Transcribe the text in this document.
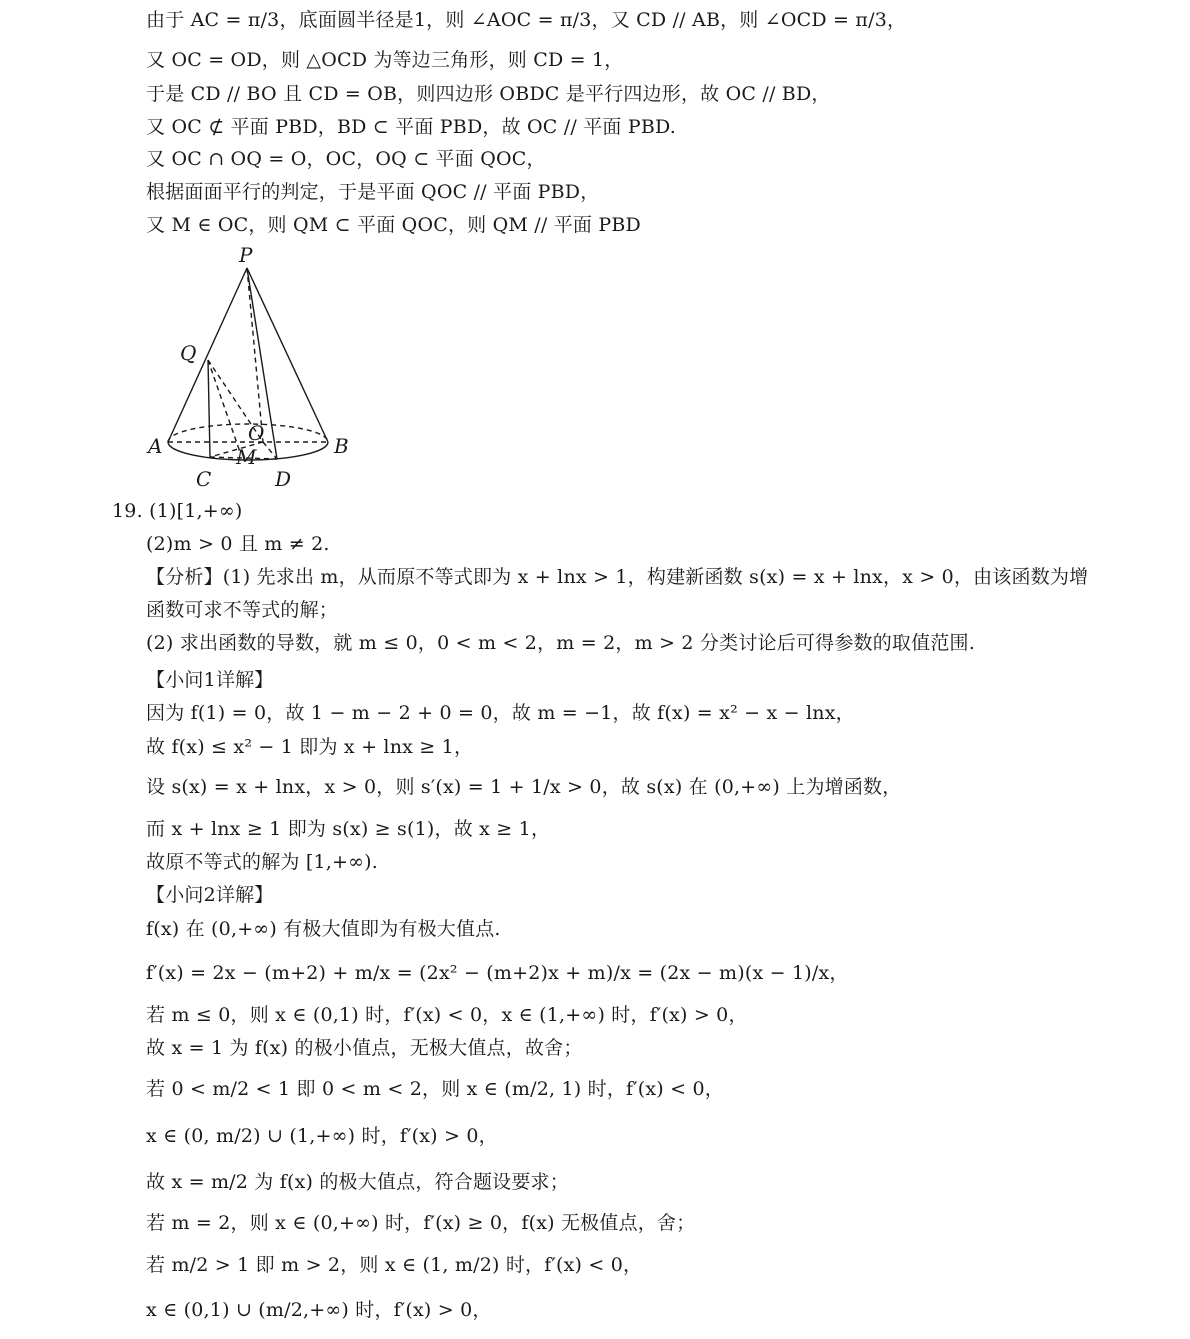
由于 AC = π/3，底面圆半径是1，则 ∠AOC = π/3，又 CD // AB，则 ∠OCD = π/3，
又 OC = OD，则 △OCD 为等边三角形，则 CD = 1，
于是 CD // BO 且 CD = OB，则四边形 OBDC 是平行四边形，故 OC // BD，
又 OC ⊄ 平面 PBD，BD ⊂ 平面 PBD，故 OC // 平面 PBD.
又 OC ∩ OQ = O，OC，OQ ⊂ 平面 QOC，
根据面面平行的判定，于是平面 QOC // 平面 PBD，
又 M ∈ OC，则 QM ⊂ 平面 QOC，则 QM // 平面 PBD
P
Q
O
A	B
C	D
M
19. (1)[1,+∞)
(2)m > 0 且 m ≠ 2.
【分析】(1) 先求出 m，从而原不等式即为 x + lnx > 1，构建新函数 s(x) = x + lnx，x > 0，由该函数为增
函数可求不等式的解；
(2) 求出函数的导数，就 m ≤ 0，0 < m < 2，m = 2，m > 2 分类讨论后可得参数的取值范围.
【小问1详解】
因为 f(1) = 0，故 1 − m − 2 + 0 = 0，故 m = −1，故 f(x) = x² − x − lnx，
故 f(x) ≤ x² − 1 即为 x + lnx ≥ 1，
设 s(x) = x + lnx，x > 0，则 s′(x) = 1 + 1/x > 0，故 s(x) 在 (0,+∞) 上为增函数，
而 x + lnx ≥ 1 即为 s(x) ≥ s(1)，故 x ≥ 1，
故原不等式的解为 [1,+∞).
【小问2详解】
f(x) 在 (0,+∞) 有极大值即为有极大值点.
f′(x) = 2x − (m+2) + m/x = (2x² − (m+2)x + m)/x = (2x − m)(x − 1)/x，
若 m ≤ 0，则 x ∈ (0,1) 时，f′(x) < 0，x ∈ (1,+∞) 时，f′(x) > 0，
故 x = 1 为 f(x) 的极小值点，无极大值点，故舍；
若 0 < m/2 < 1 即 0 < m < 2，则 x ∈ (m/2, 1) 时，f′(x) < 0，
x ∈ (0, m/2) ∪ (1,+∞) 时，f′(x) > 0，
故 x = m/2 为 f(x) 的极大值点，符合题设要求；
若 m = 2，则 x ∈ (0,+∞) 时，f′(x) ≥ 0，f(x) 无极值点，舍；
若 m/2 > 1 即 m > 2，则 x ∈ (1, m/2) 时，f′(x) < 0，
x ∈ (0,1) ∪ (m/2,+∞) 时，f′(x) > 0，
